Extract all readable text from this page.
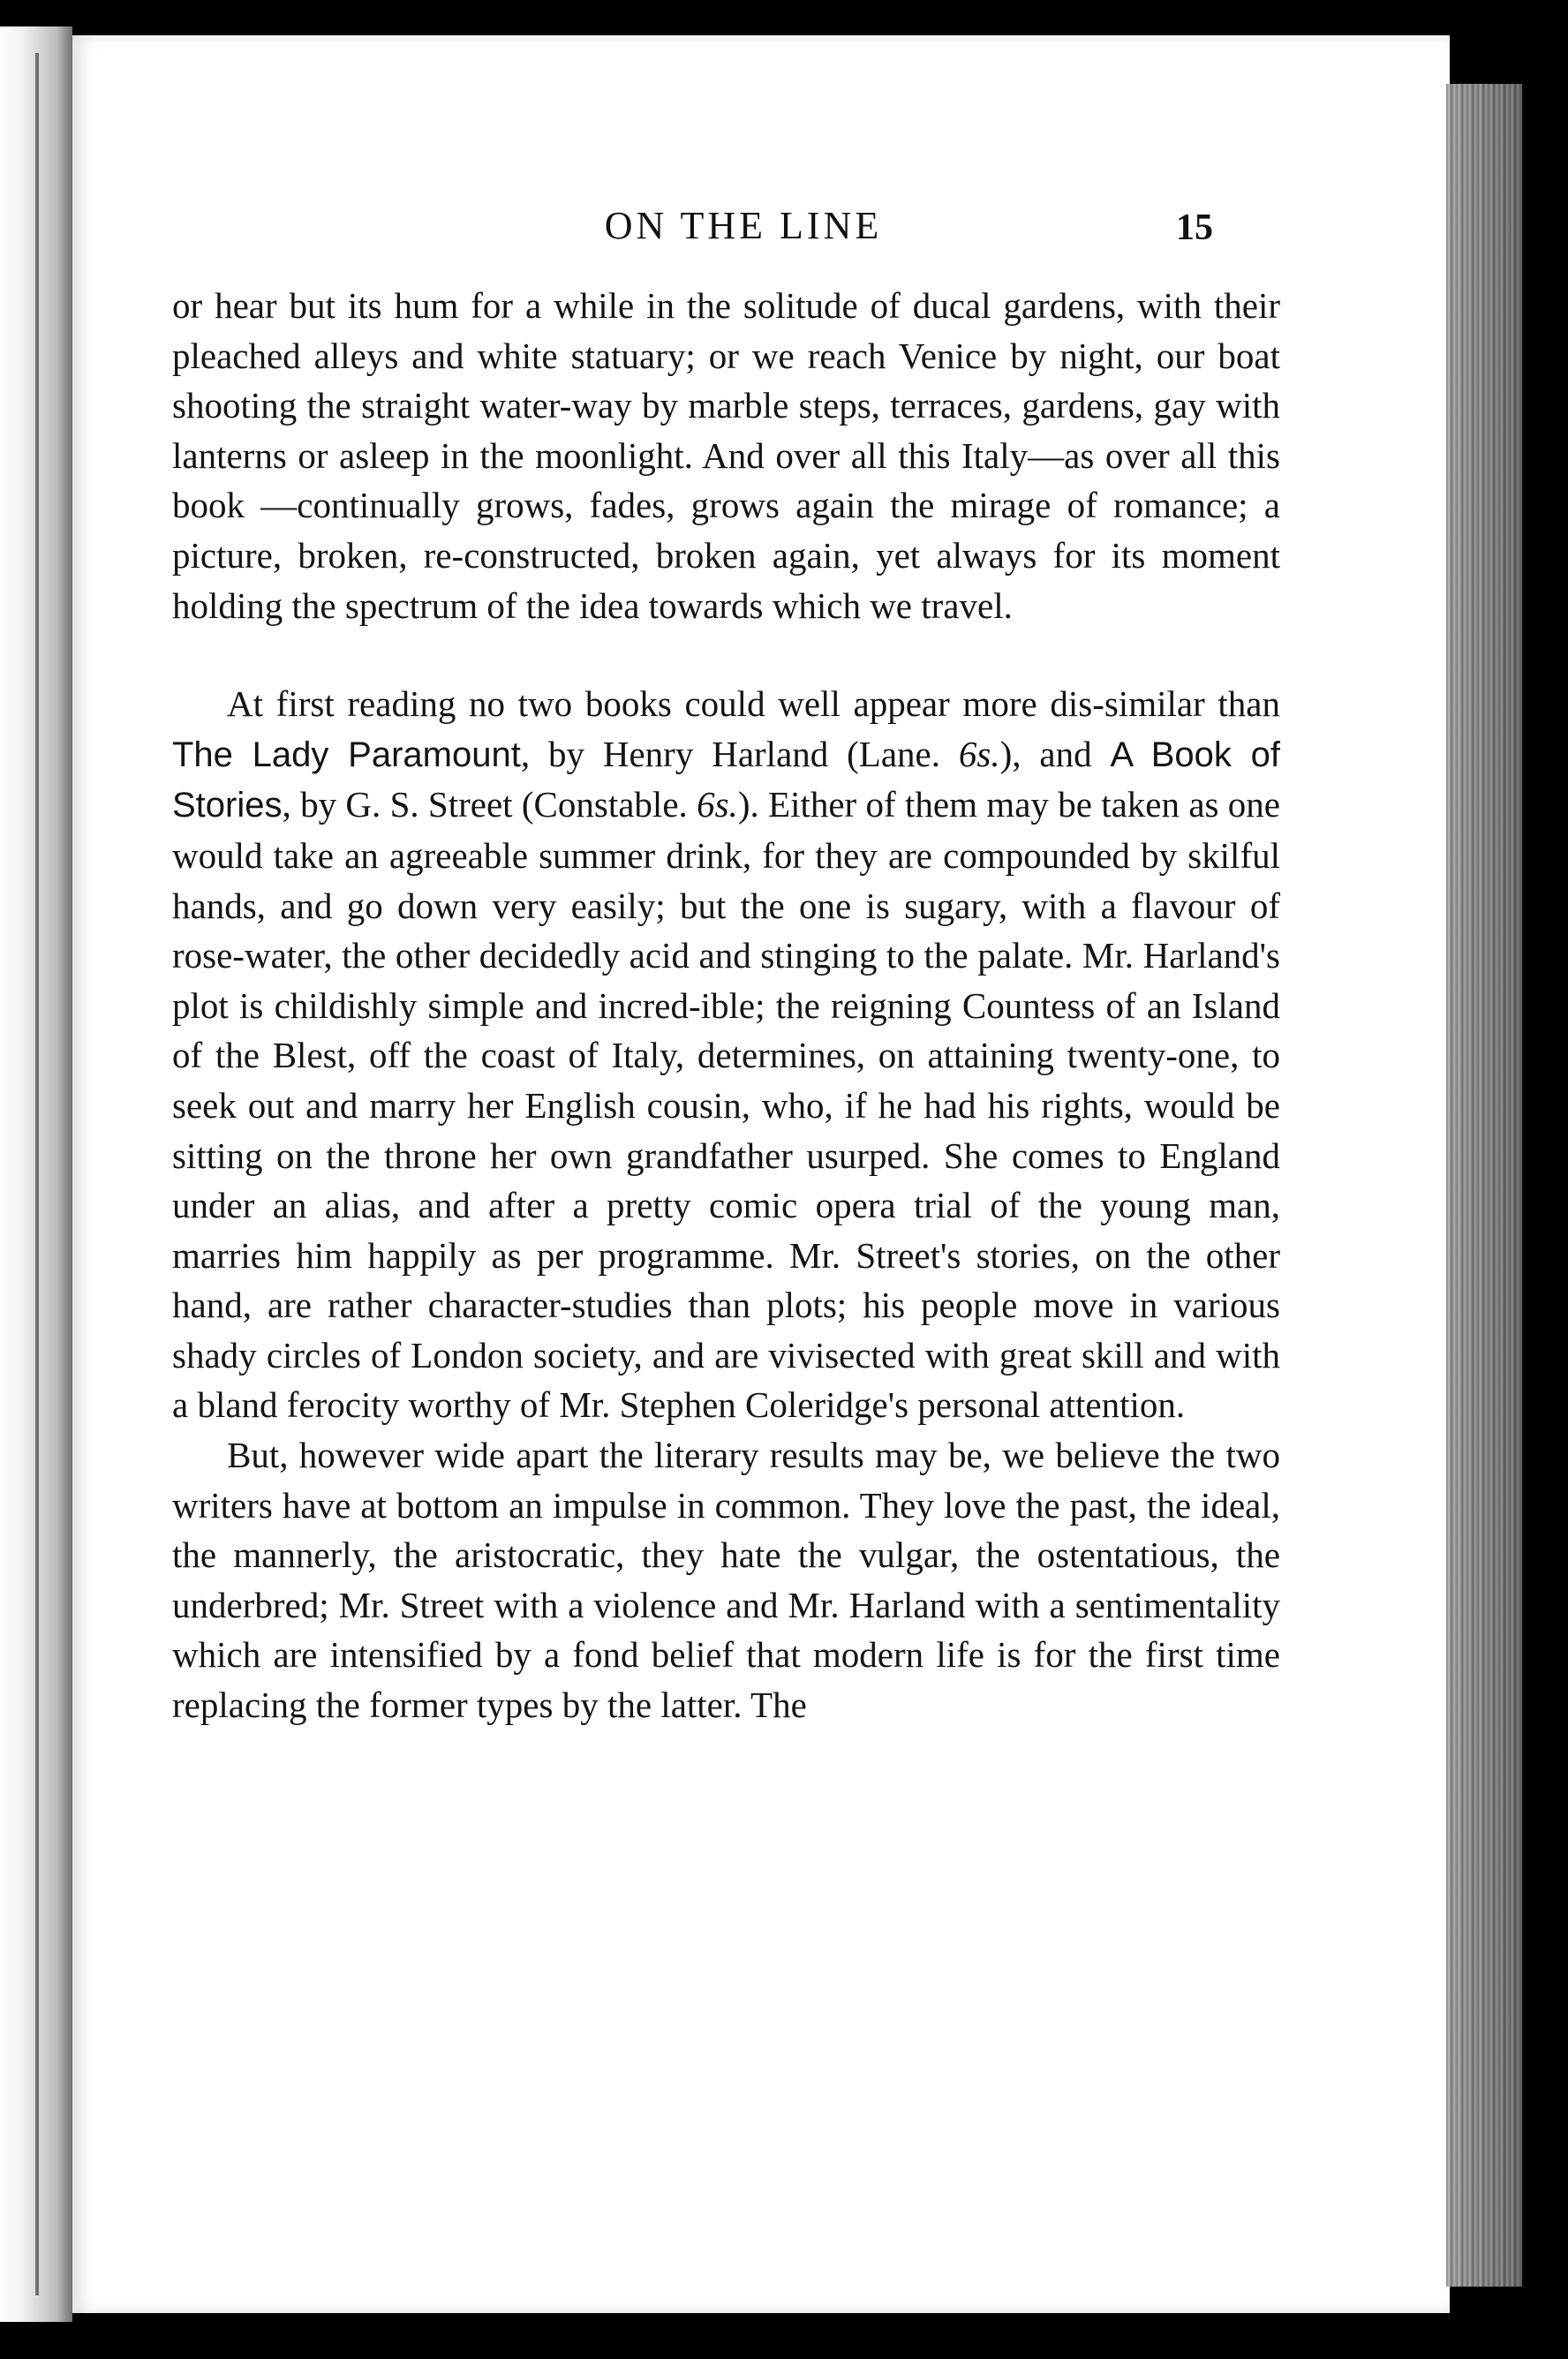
ON THE LINE	15

or hear but its hum for a while in the solitude of ducal gardens, with their pleached alleys and white statuary; or we reach Venice by night, our boat shooting the straight water-way by marble steps, terraces, gardens, gay with lanterns or asleep in the moonlight. And over all this Italy—as over all this book —continually grows, fades, grows again the mirage of romance; a picture, broken, re-constructed, broken again, yet always for its moment holding the spectrum of the idea towards which we travel.

At first reading no two books could well appear more dis-similar than The Lady Paramount, by Henry Harland (Lane. 6s.), and A Book of Stories, by G. S. Street (Constable. 6s.). Either of them may be taken as one would take an agreeable summer drink, for they are compounded by skilful hands, and go down very easily; but the one is sugary, with a flavour of rose-water, the other decidedly acid and stinging to the palate. Mr. Harland's plot is childishly simple and incred-ible; the reigning Countess of an Island of the Blest, off the coast of Italy, determines, on attaining twenty-one, to seek out and marry her English cousin, who, if he had his rights, would be sitting on the throne her own grandfather usurped. She comes to England under an alias, and after a pretty comic opera trial of the young man, marries him happily as per programme. Mr. Street's stories, on the other hand, are rather character-studies than plots; his people move in various shady circles of London society, and are vivisected with great skill and with a bland ferocity worthy of Mr. Stephen Coleridge's personal attention.

But, however wide apart the literary results may be, we believe the two writers have at bottom an impulse in common. They love the past, the ideal, the mannerly, the aristocratic, they hate the vulgar, the ostentatious, the underbred; Mr. Street with a violence and Mr. Harland with a sentimentality which are intensified by a fond belief that modern life is for the first time replacing the former types by the latter. The
